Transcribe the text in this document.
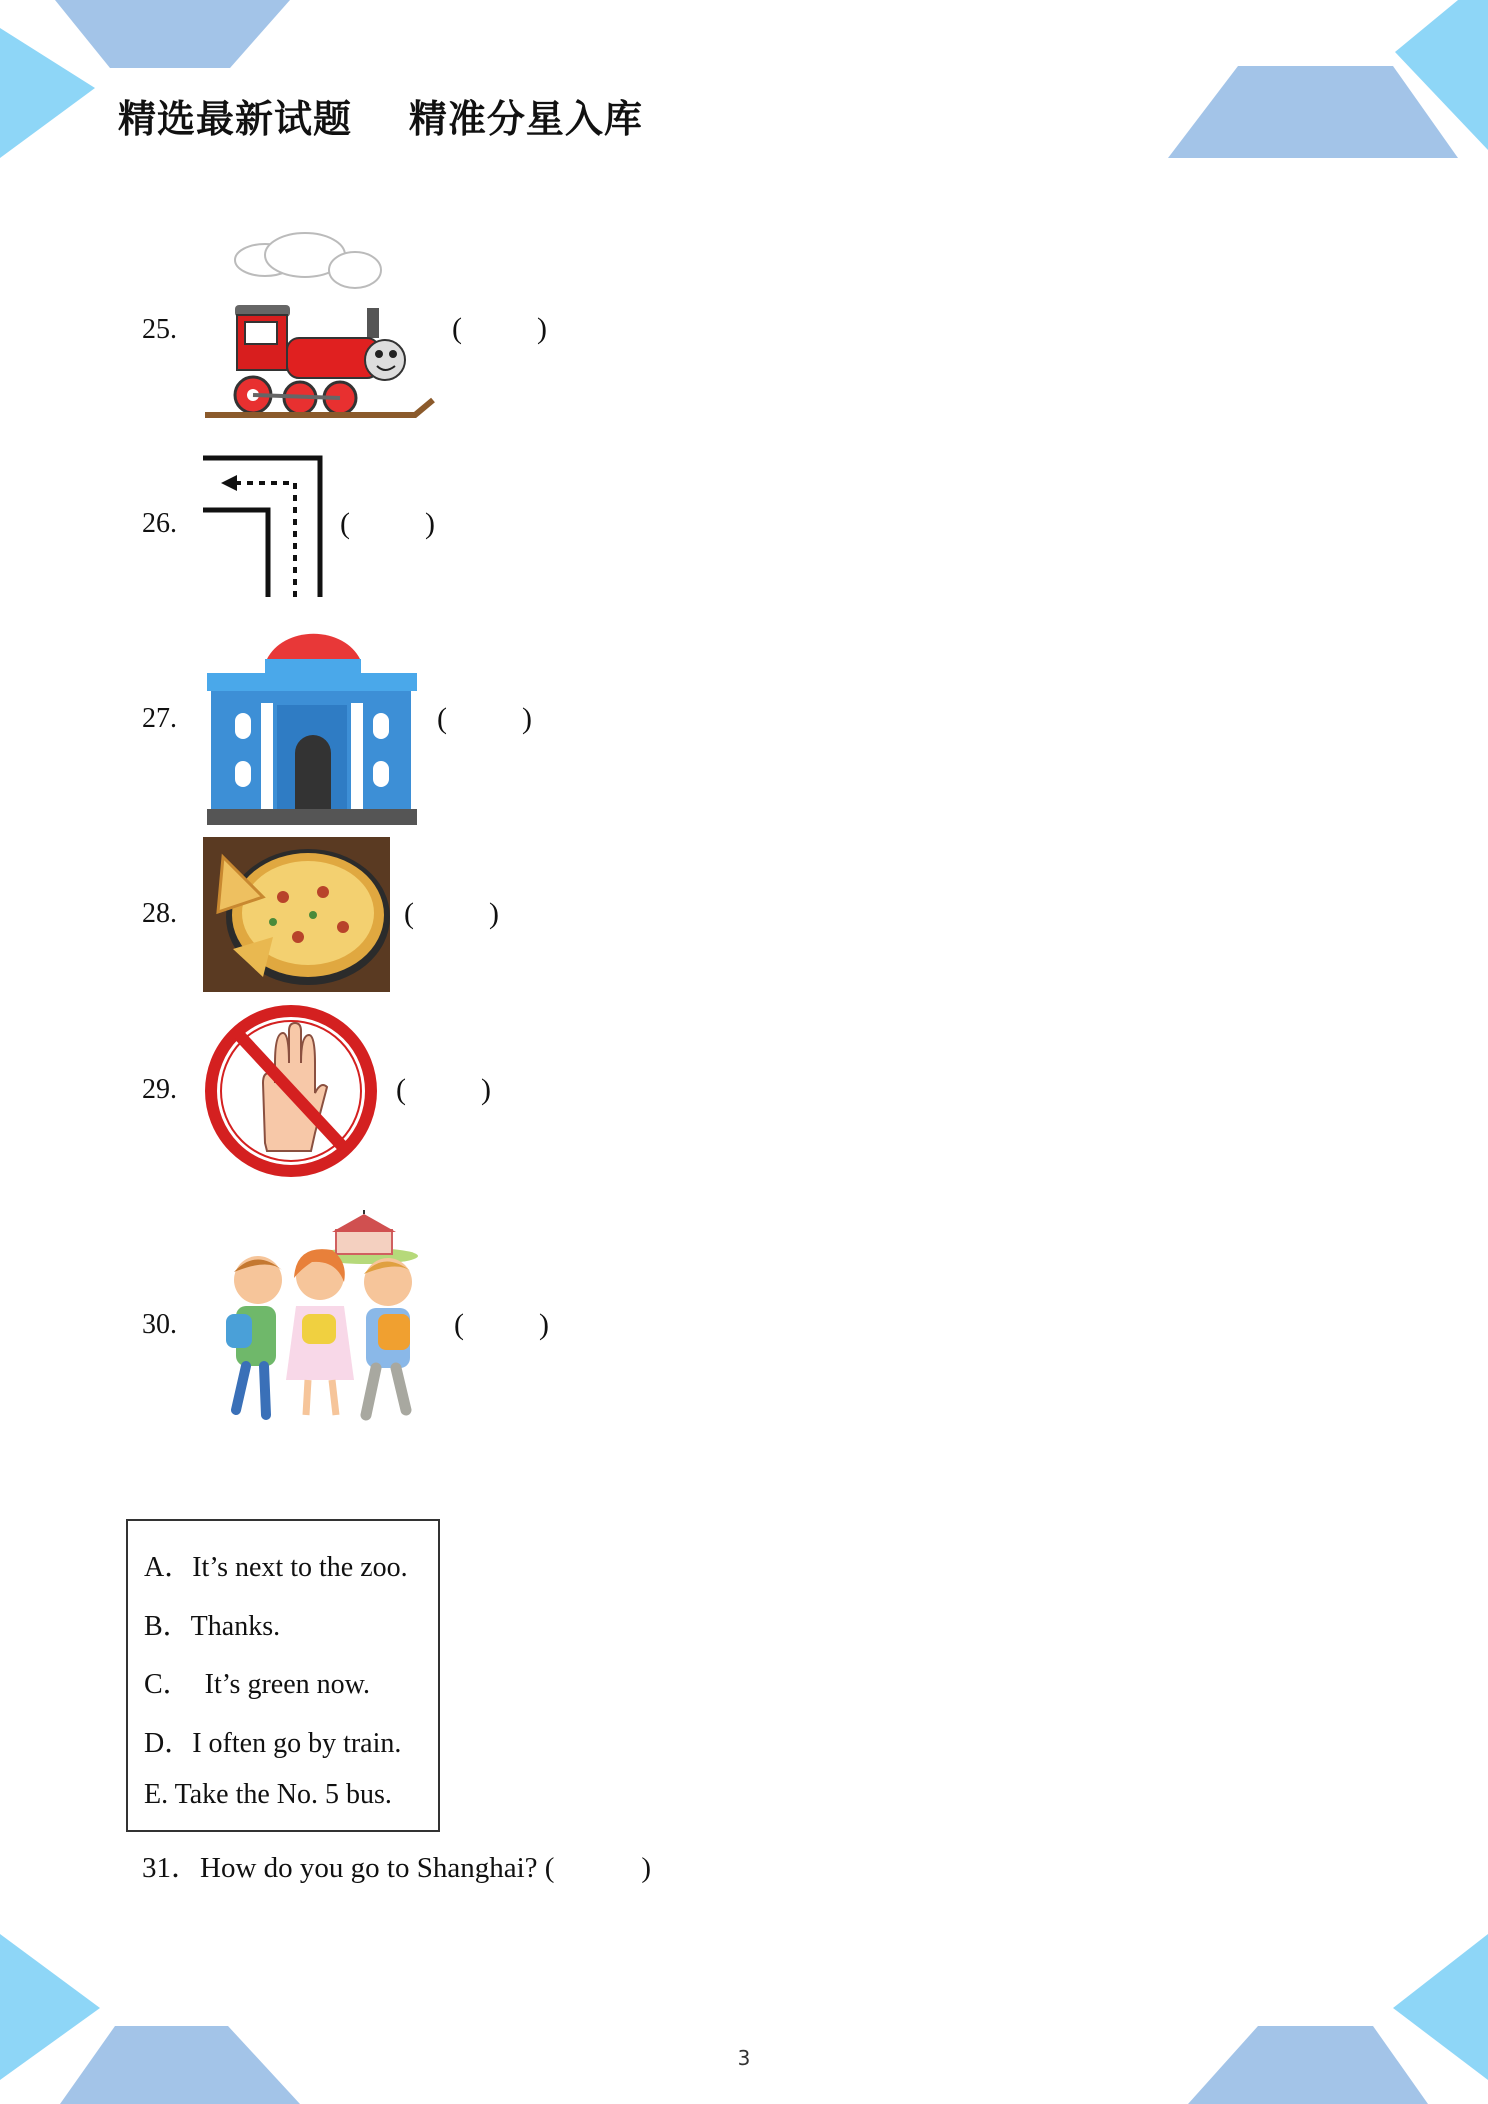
精选最新试题    精准分星入库
25.	(          )
26.	(          )
27.	(          )
28.	(          )
29.	(          )
30.	(          )
A．It’s next to the zoo.
B．Thanks.
C．  It’s green now.
D．I often go by train.
E. Take the No. 5 bus.
31．How do you go to Shanghai? (            )
3
